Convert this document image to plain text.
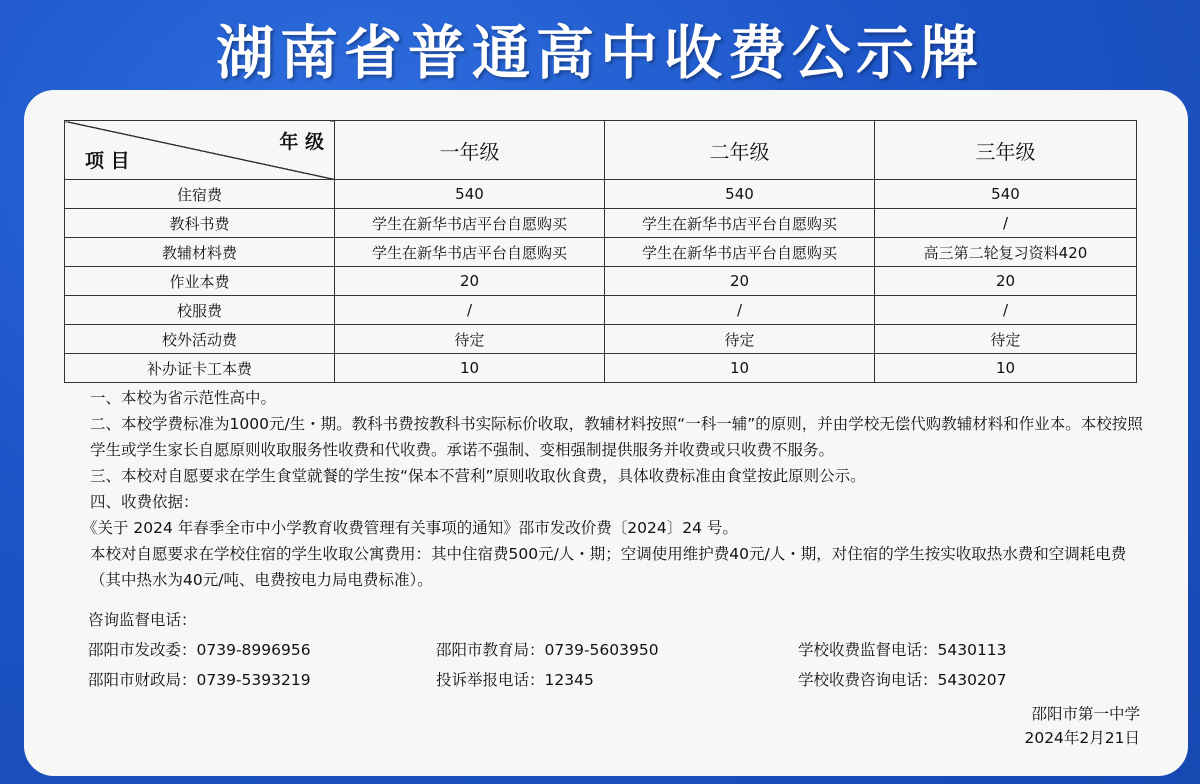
湖南省普通高中收费公示牌
年 级
项 目	一年级	二年级	三年级
住宿费	540	540	540
教科书费	学生在新华书店平台自愿购买	学生在新华书店平台自愿购买	/
教辅材料费	学生在新华书店平台自愿购买	学生在新华书店平台自愿购买	高三第二轮复习资料420
作业本费	20	20	20
校服费	/	/	/
校外活动费	待定	待定	待定
补办证卡工本费	10	10	10

一、本校为省示范性高中。

二、本校学费标准为1000元/生・期。教科书费按教科书实际标价收取，教辅材料按照“一科一辅”的原则，并由学校无偿代购教辅材料和作业本。本校按照学生或学生家长自愿原则收取服务性收费和代收费。承诺不强制、变相强制提供服务并收费或只收费不服务。

三、本校对自愿要求在学生食堂就餐的学生按“保本不营利”原则收取伙食费，具体收费标准由食堂按此原则公示。

四、收费依据：

《关于 2024 年春季全市中小学教育收费管理有关事项的通知》邵市发改价费〔2024〕24 号。

本校对自愿要求在学校住宿的学生收取公寓费用：其中住宿费500元/人・期；空调使用维护费40元/人・期，对住宿的学生按实收取热水费和空调耗电费（其中热水为40元/吨、电费按电力局电费标准）。

咨询监督电话：
邵阳市发改委：0739-8996956	邵阳市教育局：0739-5603950	学校收费监督电话：5430113
邵阳市财政局：0739-5393219	投诉举报电话：12345	学校收费咨询电话：5430207
邵阳市第一中学
2024年2月21日
